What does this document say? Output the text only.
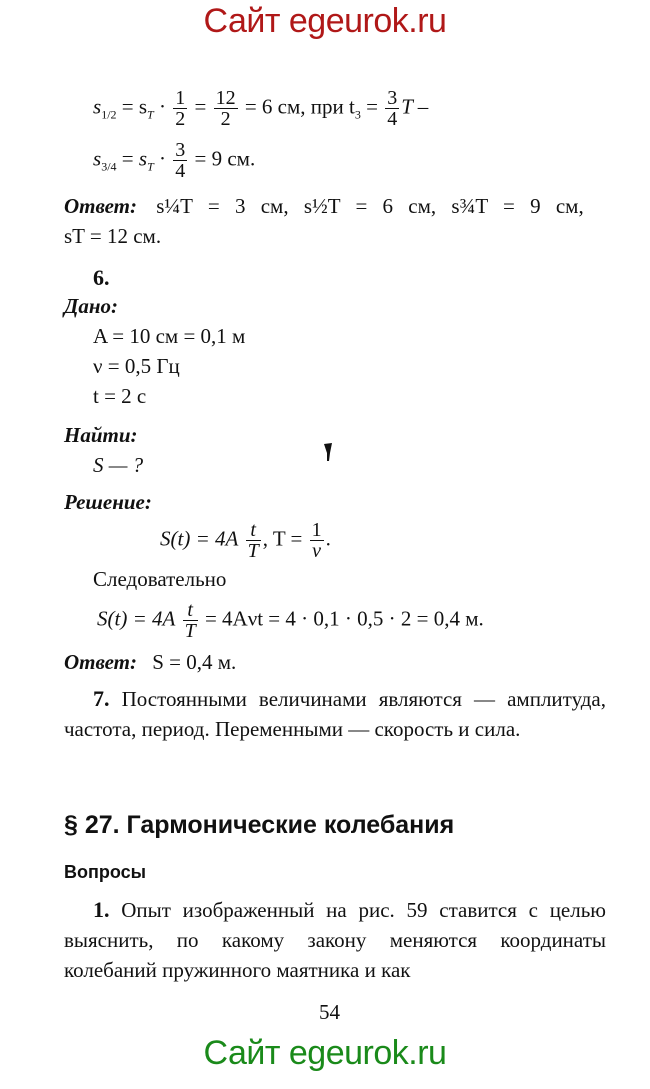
Сайт egeurok.ru
$s_{1/2} = s_T \cdot \frac{1}{2} = \frac{12}{2} = 6$ см, при $t_3 = \frac{3}{4}$ T –
$s_{3/4} = s_T \cdot \frac{3}{4} = 9$ см.
Ответ: s¼T = 3 см, s½T = 6 см, s¾T = 9 см,
sT = 12 см.
6.
Дано:
A = 10 см = 0,1 м
ν = 0,5 Гц
t = 2 с
Найти:
S — ?
Решение:
$S(t) = 4A \frac{t}{T}$ , $T = \frac{1}{\nu}$ .
Следовательно
$S(t) = 4A \frac{t}{T} = 4A\nu t = 4 \cdot 0,1 \cdot 0,5 \cdot 2 = 0,4$ м.
Ответ: S = 0,4 м.
7. Постоянными величинами являются — амплитуда, частота, период. Переменными — скорость и сила.
§ 27. Гармонические колебания
Вопросы
1. Опыт изображенный на рис. 59 ставится с целью выяснить, по какому закону меняются координаты колебаний пружинного маятника и как
54
Сайт egeurok.ru
